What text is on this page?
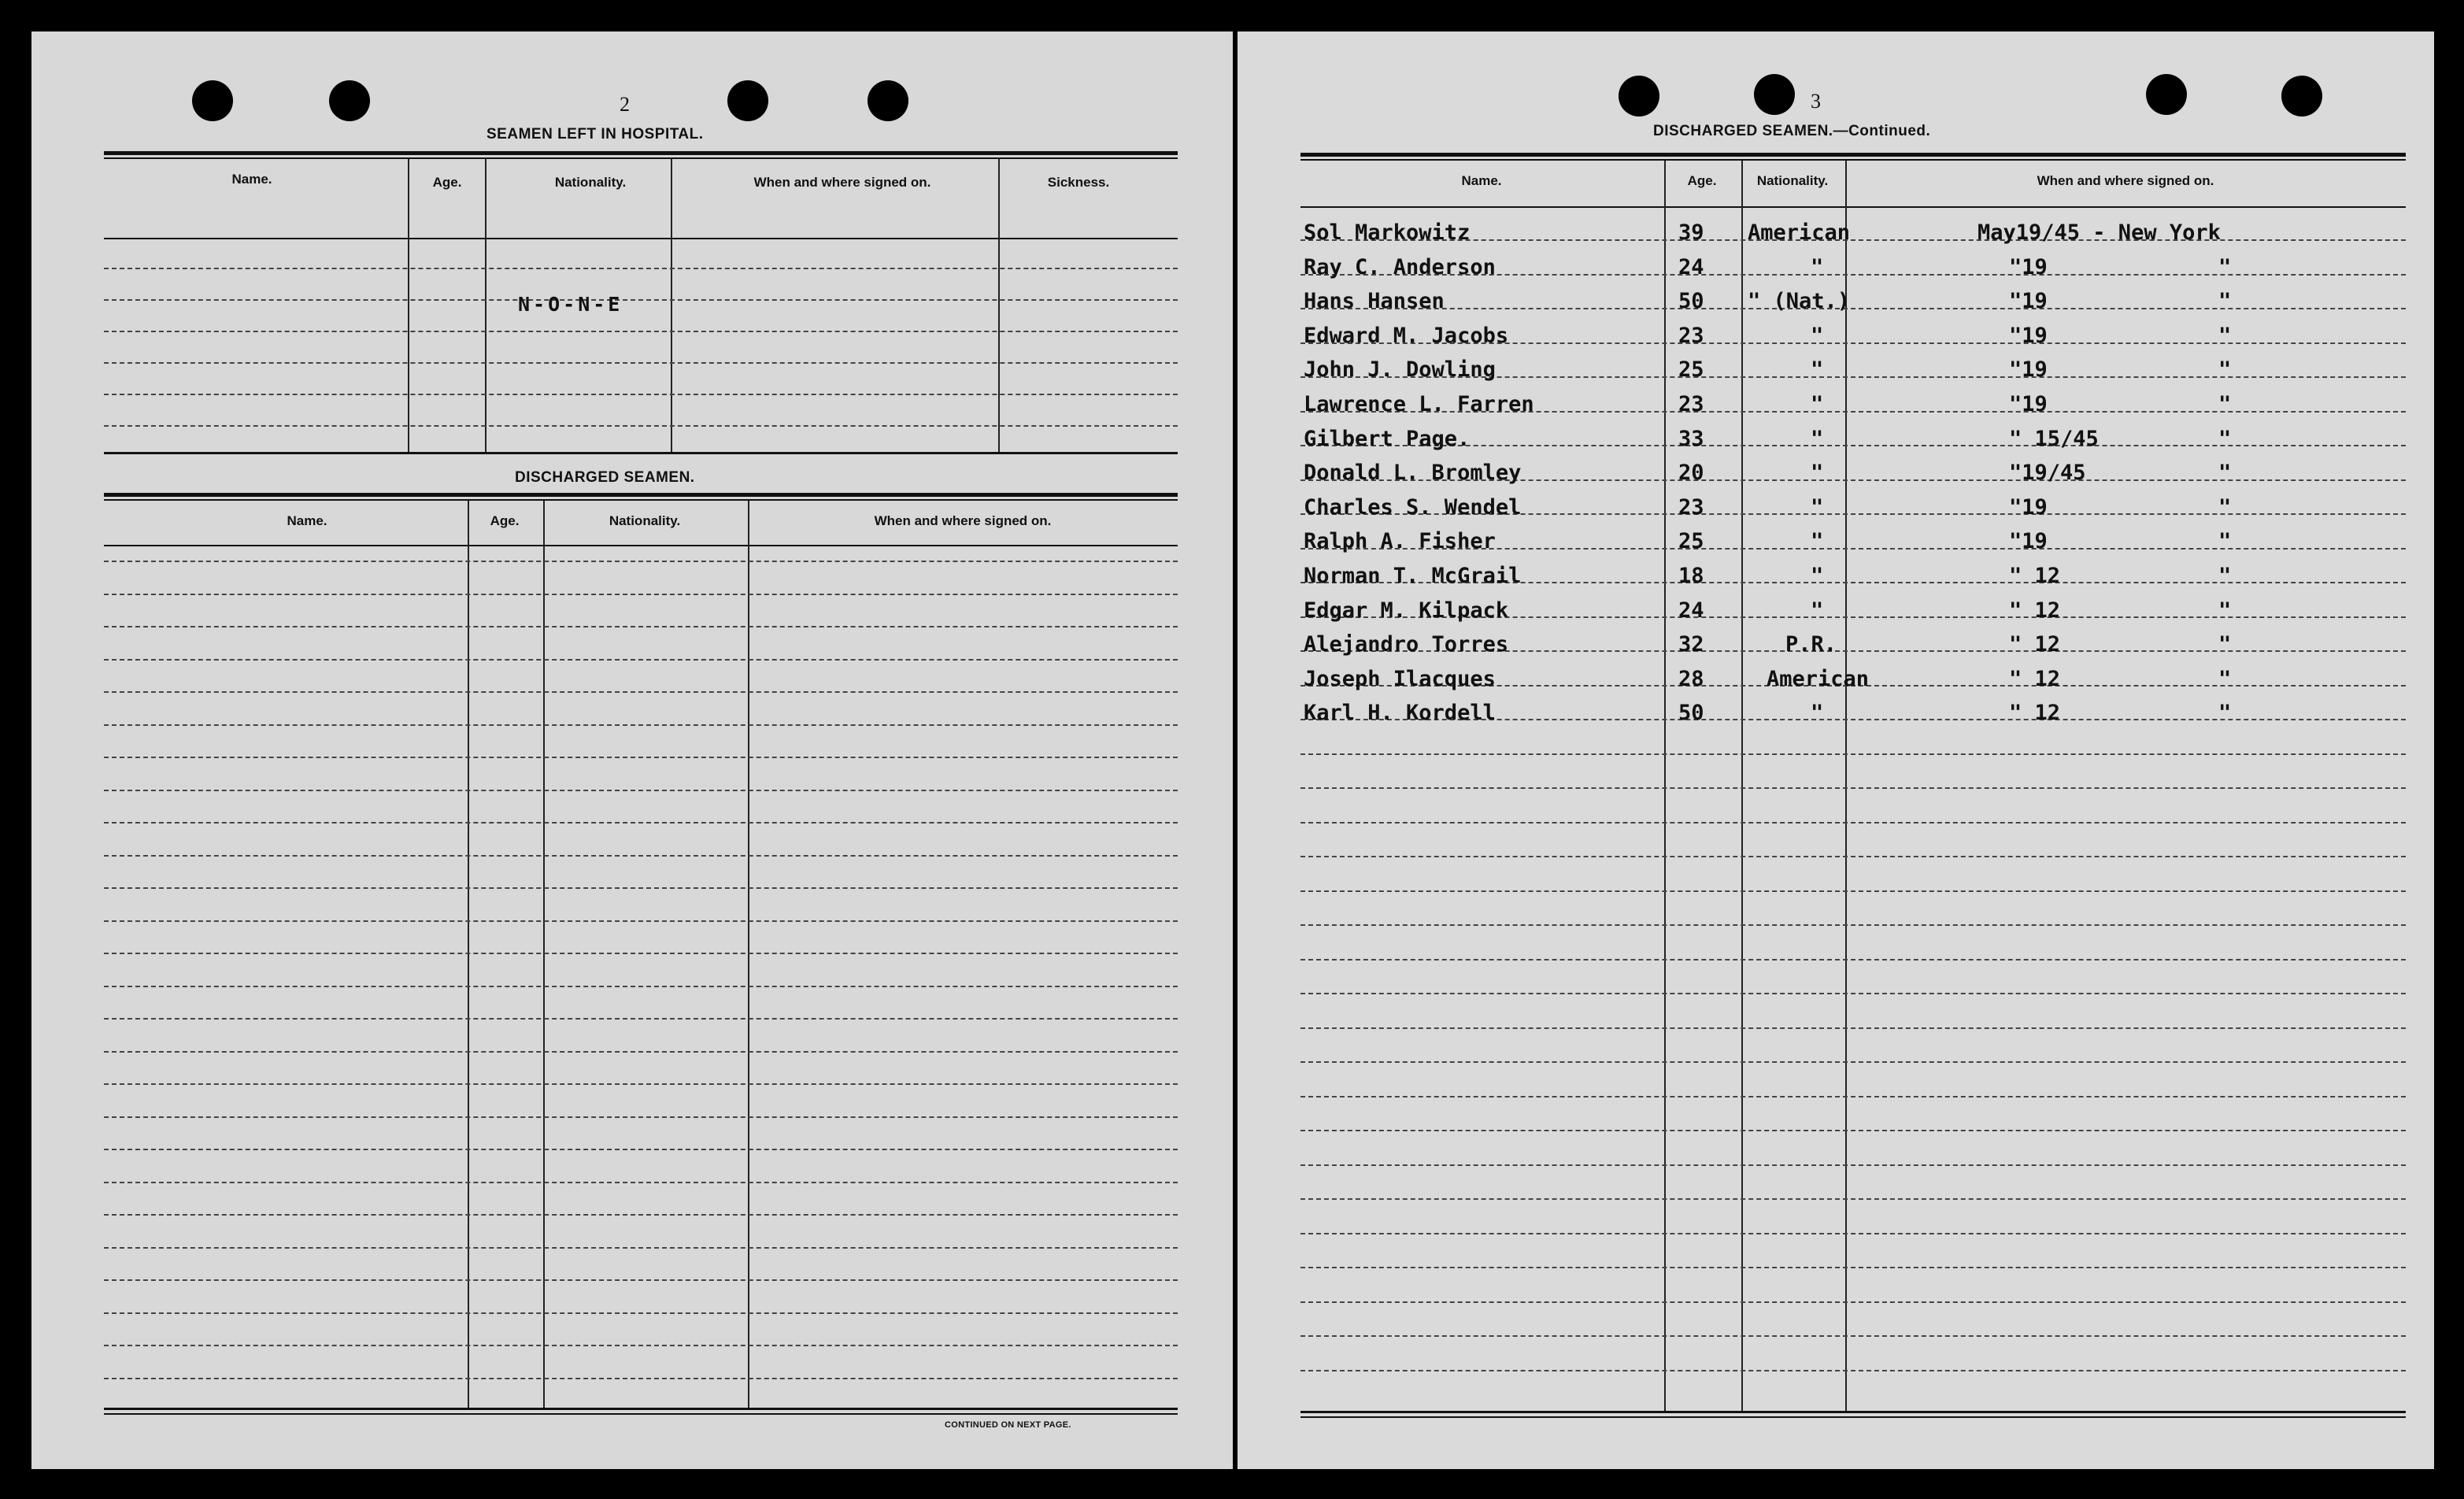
2
SEAMEN LEFT IN HOSPITAL.
Name.	Age.	Nationality.	When and where signed on.	Sickness.
N-O-N-E
DISCHARGED SEAMEN.
Name.	Age.	Nationality.	When and where signed on.
CONTINUED ON NEXT PAGE.
3
DISCHARGED SEAMEN.—Continued.
Name.	Age.	Nationality.	When and where signed on.
Sol Markowitz	39 American	May19/45 - New York
Ray C. Anderson	24	"	"19	"
Hans Hansen	50 " (Nat.)	"19	"
Edward M. Jacobs	23	"	"19	"
John J. Dowling	25	"	"19	"
Lawrence L. Farren	23	"	"19	"
Gilbert Page.	33	"	" 15/45	"
Donald L. Bromley	20	"	"19/45	"
Charles S. Wendel	23	"	"19	"
Ralph A. Fisher	25	"	"19	"
Norman T. McGrail	18	"	" 12	"
Edgar M. Kilpack	24	"	" 12	"
Alejandro Torres	32	P.R.	" 12	"
Joseph Ilacques	28	American	" 12	"
Karl H. Kordell	50	"	" 12	"
